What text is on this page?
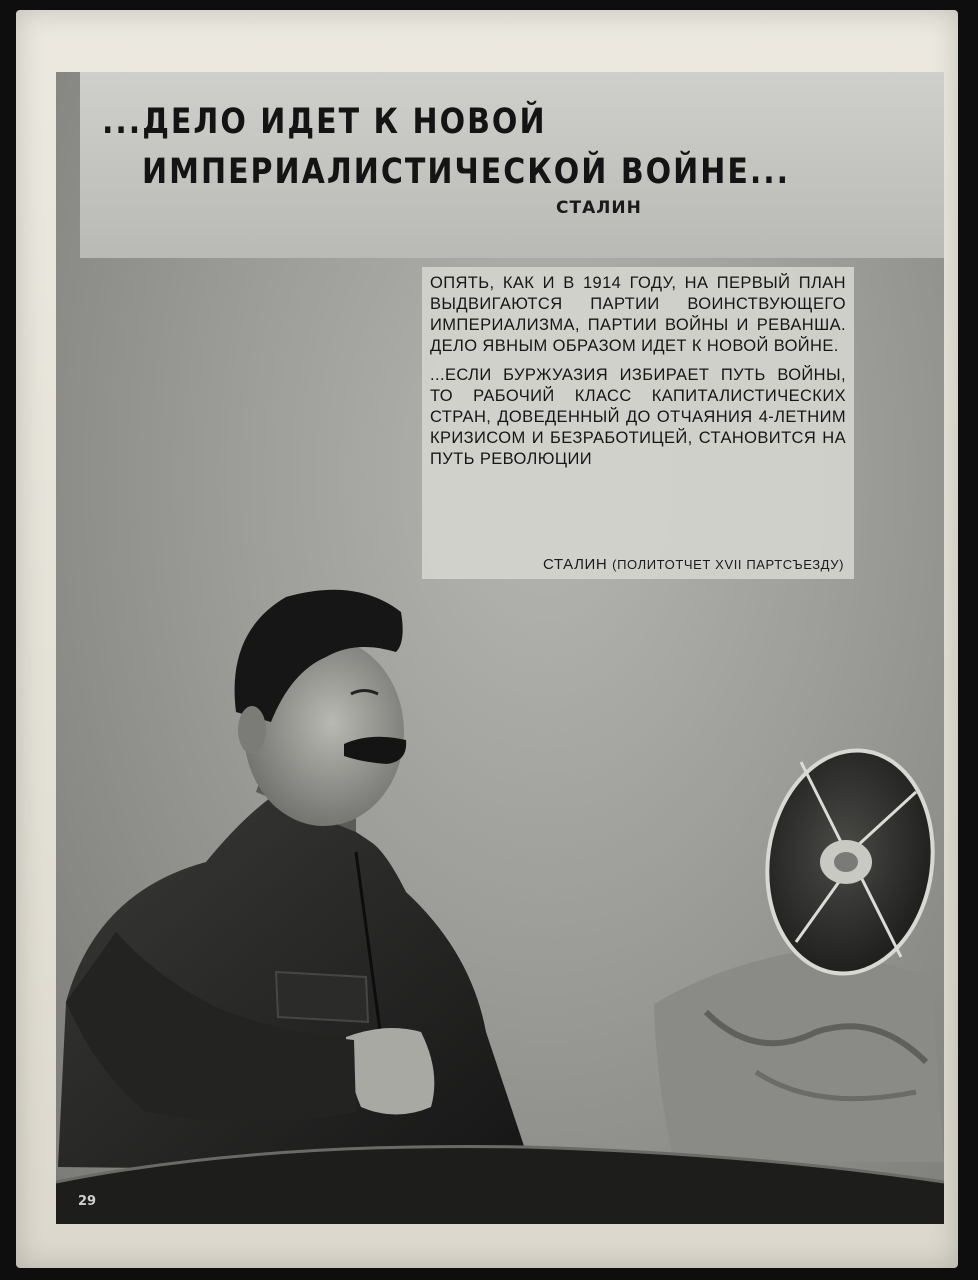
...ДЕЛО ИДЕТ К НОВОЙ
ИМПЕРИАЛИСТИЧЕСКОЙ ВОЙНЕ...
СТАЛИН

ОПЯТЬ, КАК И В 1914 ГОДУ, НА ПЕРВЫЙ ПЛАН ВЫДВИГАЮТСЯ ПАРТИИ ВОИНСТВУЮЩЕГО ИМПЕРИАЛИЗМА, ПАРТИИ ВОЙНЫ И РЕВАНША. ДЕЛО ЯВНЫМ ОБРАЗОМ ИДЕТ К НОВОЙ ВОЙНЕ.

...ЕСЛИ БУРЖУАЗИЯ ИЗБИРАЕТ ПУТЬ ВОЙНЫ, ТО РАБОЧИЙ КЛАСС КАПИТАЛИСТИЧЕСКИХ СТРАН, ДОВЕДЕННЫЙ ДО ОТЧАЯНИЯ 4-ЛЕТНИМ КРИЗИСОМ И БЕЗРАБОТИЦЕЙ, СТАНОВИТСЯ НА ПУТЬ РЕВОЛЮЦИИ

СТАЛИН (ПОЛИТОТЧЕТ XVII ПАРТСЪЕЗДУ)
29
